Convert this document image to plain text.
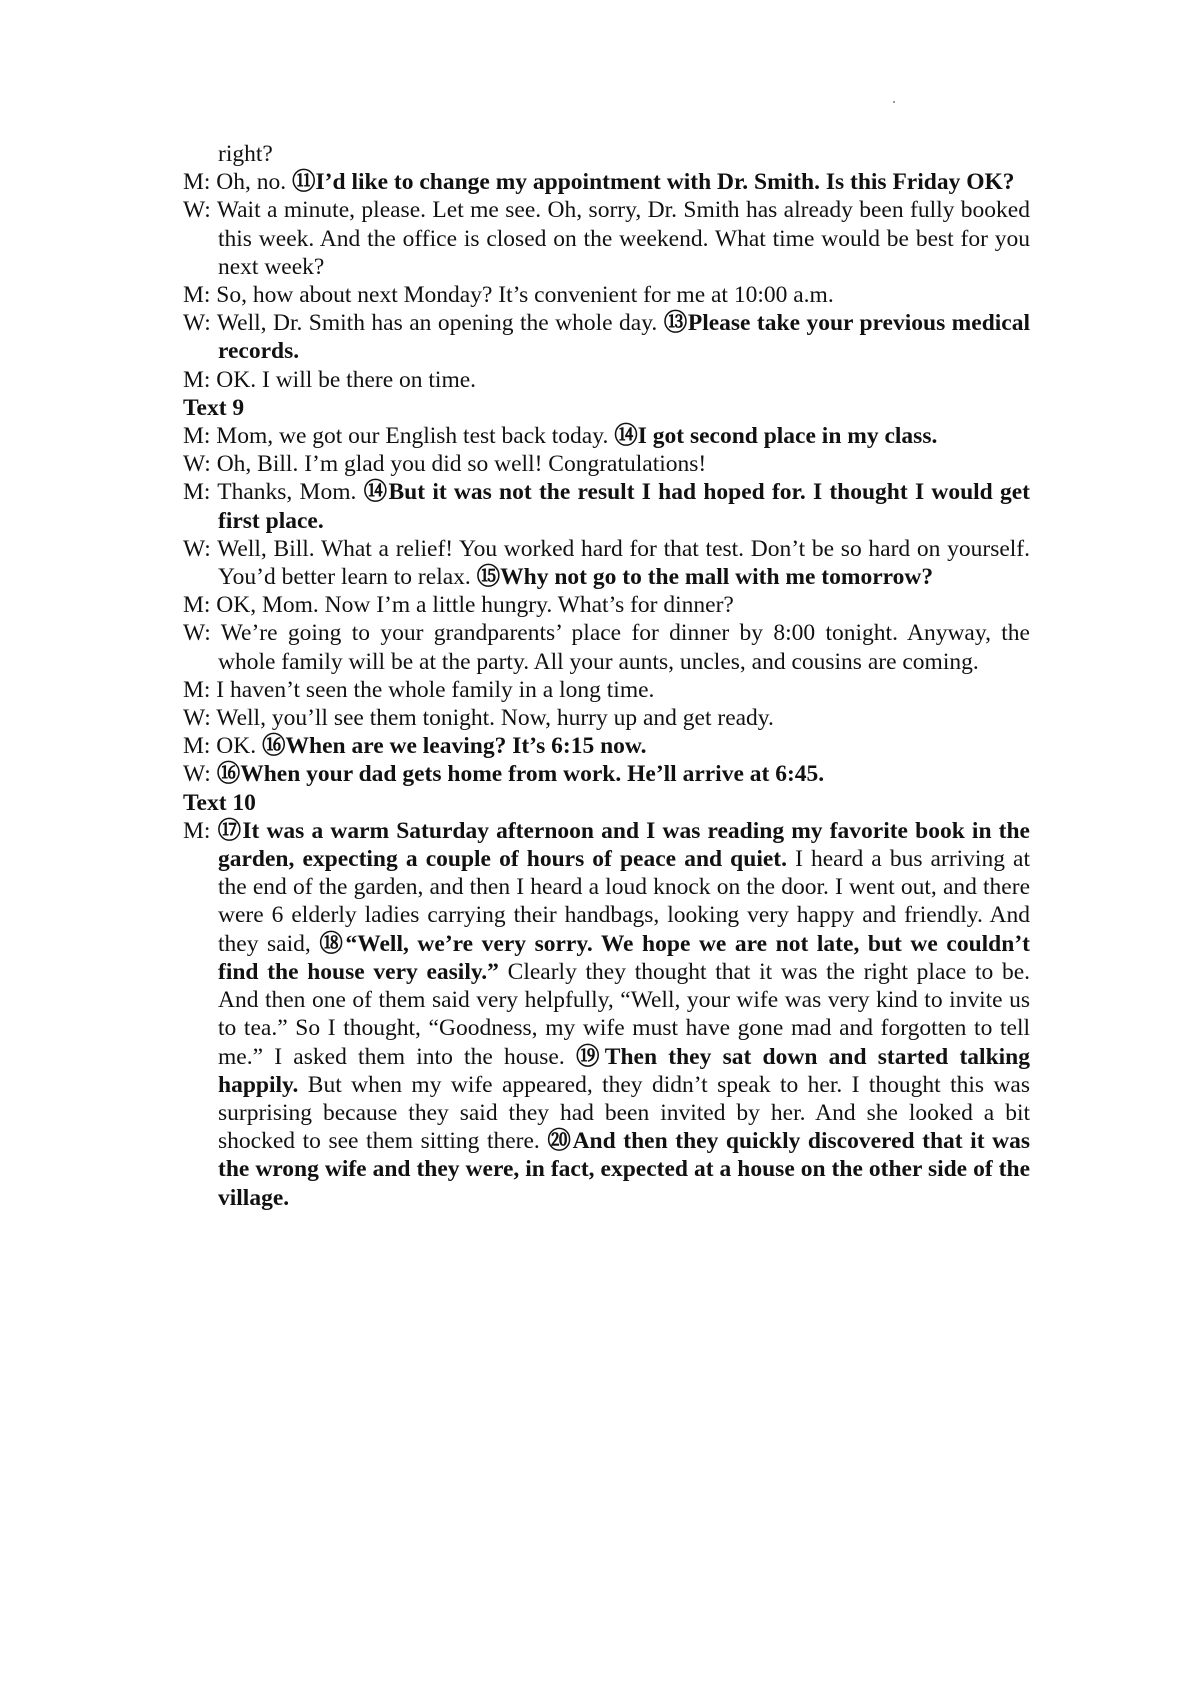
right?
M: Oh, no. ⑪I’d like to change my appointment with Dr. Smith. Is this Friday OK?
W: Wait a minute, please. Let me see. Oh, sorry, Dr. Smith has already been fully booked this week. And the office is closed on the weekend. What time would be best for you next week?
M: So, how about next Monday? It’s convenient for me at 10:00 a.m.
W: Well, Dr. Smith has an opening the whole day. ⑬Please take your previous medical records.
M: OK. I will be there on time.
Text 9
M: Mom, we got our English test back today. ⑭I got second place in my class.
W: Oh, Bill. I’m glad you did so well! Congratulations!
M: Thanks, Mom. ⑭But it was not the result I had hoped for. I thought I would get first place.
W: Well, Bill. What a relief! You worked hard for that test. Don’t be so hard on yourself. You’d better learn to relax. ⑮Why not go to the mall with me tomorrow?
M: OK, Mom. Now I’m a little hungry. What’s for dinner?
W: We’re going to your grandparents’ place for dinner by 8:00 tonight. Anyway, the whole family will be at the party. All your aunts, uncles, and cousins are coming.
M: I haven’t seen the whole family in a long time.
W: Well, you’ll see them tonight. Now, hurry up and get ready.
M: OK. ⑯When are we leaving? It’s 6:15 now.
W: ⑯When your dad gets home from work. He’ll arrive at 6:45.
Text 10
M: ⑰It was a warm Saturday afternoon and I was reading my favorite book in the garden, expecting a couple of hours of peace and quiet. I heard a bus arriving at the end of the garden, and then I heard a loud knock on the door. I went out, and there were 6 elderly ladies carrying their handbags, looking very happy and friendly. And they said, ⑱“Well, we’re very sorry. We hope we are not late, but we couldn’t find the house very easily.” Clearly they thought that it was the right place to be. And then one of them said very helpfully, “Well, your wife was very kind to invite us to tea.” So I thought, “Goodness, my wife must have gone mad and forgotten to tell me.” I asked them into the house. ⑲Then they sat down and started talking happily. But when my wife appeared, they didn’t speak to her. I thought this was surprising because they said they had been invited by her. And she looked a bit shocked to see them sitting there. ⑳And then they quickly discovered that it was the wrong wife and they were, in fact, expected at a house on the other side of the village.
